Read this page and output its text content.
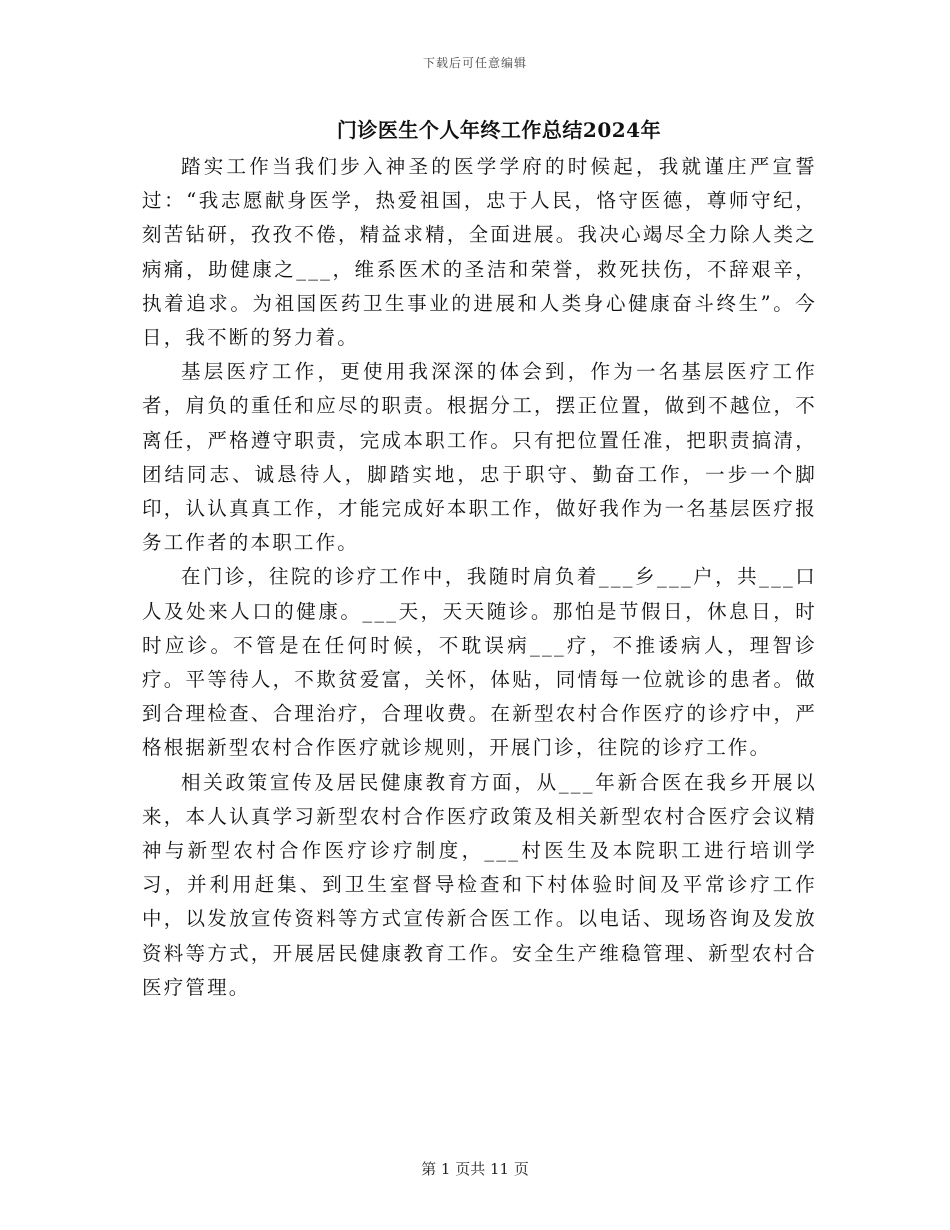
下载后可任意编辑
门诊医生个人年终工作总结2024年

踏实工作当我们步入神圣的医学学府的时候起，我就谨庄严宣誓过：“我志愿献身医学，热爱祖国，忠于人民，恪守医德，尊师守纪，刻苦钻研，孜孜不倦，精益求精，全面进展。我决心竭尽全力除人类之病痛，助健康之___，维系医术的圣洁和荣誉，救死扶伤，不辞艰辛，执着追求。为祖国医药卫生事业的进展和人类身心健康奋斗终生”。今日，我不断的努力着。

基层医疗工作，更使用我深深的体会到，作为一名基层医疗工作者，肩负的重任和应尽的职责。根据分工，摆正位置，做到不越位，不离任，严格遵守职责，完成本职工作。只有把位置任准，把职责搞清，团结同志、诚恳待人，脚踏实地，忠于职守、勤奋工作，一步一个脚印，认认真真工作，才能完成好本职工作，做好我作为一名基层医疗报务工作者的本职工作。

在门诊，往院的诊疗工作中，我随时肩负着___乡___户，共___口人及处来人口的健康。___天，天天随诊。那怕是节假日，休息日，时时应诊。不管是在任何时候，不耽误病___疗，不推诿病人，理智诊疗。平等待人，不欺贫爱富，关怀，体贴，同情每一位就诊的患者。做到合理检查、合理治疗，合理收费。在新型农村合作医疗的诊疗中，严格根据新型农村合作医疗就诊规则，开展门诊，往院的诊疗工作。

相关政策宣传及居民健康教育方面，从___年新合医在我乡开展以来，本人认真学习新型农村合作医疗政策及相关新型农村合医疗会议精神与新型农村合作医疗诊疗制度，___村医生及本院职工进行培训学习，并利用赶集、到卫生室督导检查和下村体验时间及平常诊疗工作中，以发放宣传资料等方式宣传新合医工作。以电话、现场咨询及发放资料等方式，开展居民健康教育工作。安全生产维稳管理、新型农村合医疗管理。

第 1 页共 11 页
